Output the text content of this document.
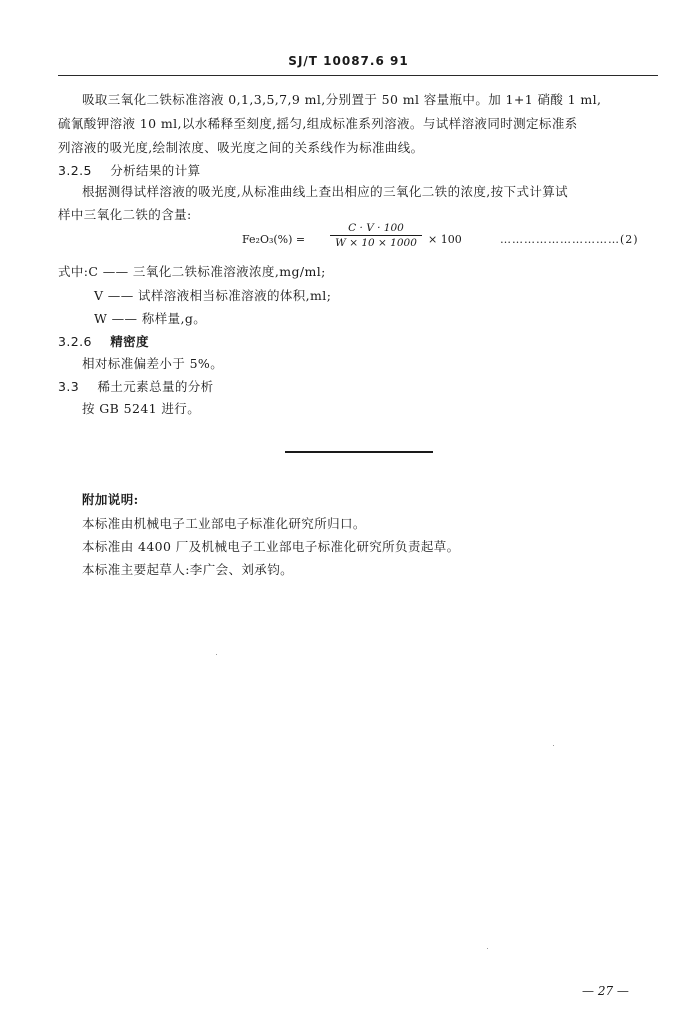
SJ/T 10087.6 91
吸取三氧化二铁标准溶液 0,1,3,5,7,9 ml,分别置于 50 ml 容量瓶中。加 1+1 硝酸 1 ml,
硫氰酸钾溶液 10 ml,以水稀释至刻度,摇匀,组成标准系列溶液。与试样溶液同时测定标准系
列溶液的吸光度,绘制浓度、吸光度之间的关系线作为标准曲线。
3.2.5 分析结果的计算
根据测得试样溶液的吸光度,从标准曲线上查出相应的三氧化二铁的浓度,按下式计算试
样中三氧化二铁的含量:
Fe₂O₃(%) =
C · V · 100
W × 10 × 1000	× 100	…………………………(2)
式中:C —— 三氧化二铁标准溶液浓度,mg/ml;
V —— 试样溶液相当标准溶液的体积,ml;
W —— 称样量,g。
3.2.6 精密度
相对标准偏差小于 5%。
3.3 稀土元素总量的分析
按 GB 5241 进行。
附加说明:
本标准由机械电子工业部电子标准化研究所归口。
本标准由 4400 厂及机械电子工业部电子标准化研究所负责起草。
本标准主要起草人:李广会、刘承钧。
— 27 —
